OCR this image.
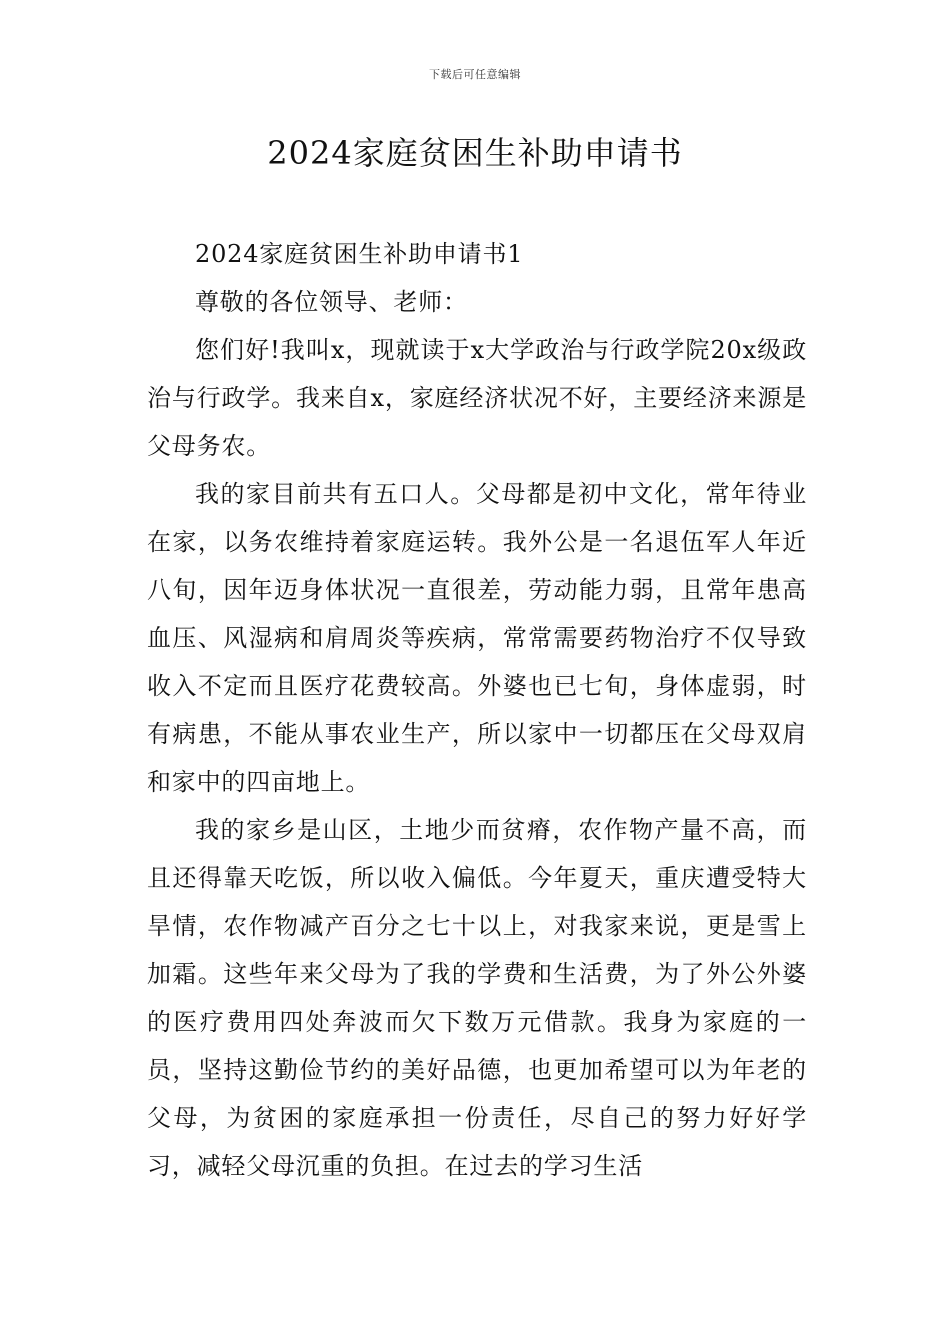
下载后可任意编辑
2024家庭贫困生补助申请书

2024家庭贫困生补助申请书1

尊敬的各位领导、老师：

您们好!我叫x，现就读于x大学政治与行政学院20x级政治与行政学。我来自x，家庭经济状况不好，主要经济来源是父母务农。

我的家目前共有五口人。父母都是初中文化，常年待业在家，以务农维持着家庭运转。我外公是一名退伍军人年近八旬，因年迈身体状况一直很差，劳动能力弱，且常年患高血压、风湿病和肩周炎等疾病，常常需要药物治疗不仅导致收入不定而且医疗花费较高。外婆也已七旬，身体虚弱，时有病患，不能从事农业生产，所以家中一切都压在父母双肩和家中的四亩地上。

我的家乡是山区，土地少而贫瘠，农作物产量不高，而且还得靠天吃饭，所以收入偏低。今年夏天，重庆遭受特大旱情，农作物减产百分之七十以上，对我家来说，更是雪上加霜。这些年来父母为了我的学费和生活费，为了外公外婆的医疗费用四处奔波而欠下数万元借款。我身为家庭的一员，坚持这勤俭节约的美好品德，也更加希望可以为年老的父母，为贫困的家庭承担一份责任，尽自己的努力好好学习，减轻父母沉重的负担。在过去的学习生活
